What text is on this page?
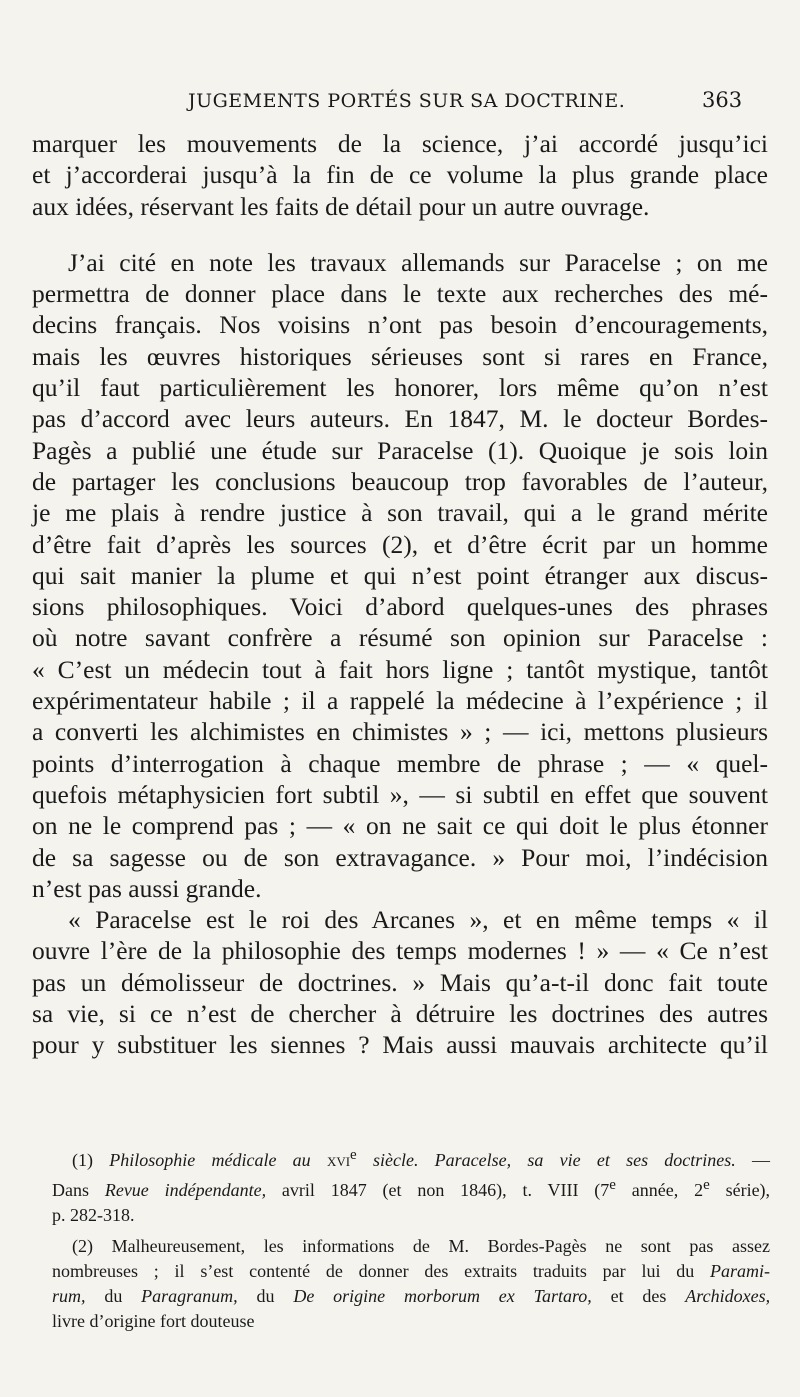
JUGEMENTS PORTÉS SUR SA DOCTRINE.	363
marquer les mouvements de la science, j’ai accordé jusqu’ici
et j’accorderai jusqu’à la fin de ce volume la plus grande place
aux idées, réservant les faits de détail pour un autre ouvrage.
J’ai cité en note les travaux allemands sur Paracelse ; on me
permettra de donner place dans le texte aux recherches des mé-
decins français. Nos voisins n’ont pas besoin d’encouragements,
mais les œuvres historiques sérieuses sont si rares en France,
qu’il faut particulièrement les honorer, lors même qu’on n’est
pas d’accord avec leurs auteurs. En 1847, M. le docteur Bordes-
Pagès a publié une étude sur Paracelse (1). Quoique je sois loin
de partager les conclusions beaucoup trop favorables de l’auteur,
je me plais à rendre justice à son travail, qui a le grand mérite
d’être fait d’après les sources (2), et d’être écrit par un homme
qui sait manier la plume et qui n’est point étranger aux discus-
sions philosophiques. Voici d’abord quelques-unes des phrases
où notre savant confrère a résumé son opinion sur Paracelse :
« C’est un médecin tout à fait hors ligne ; tantôt mystique, tantôt
expérimentateur habile ; il a rappelé la médecine à l’expérience ; il
a converti les alchimistes en chimistes » ; — ici, mettons plusieurs
points d’interrogation à chaque membre de phrase ; — « quel-
quefois métaphysicien fort subtil », — si subtil en effet que souvent
on ne le comprend pas ; — « on ne sait ce qui doit le plus étonner
de sa sagesse ou de son extravagance. » Pour moi, l’indécision
n’est pas aussi grande.
« Paracelse est le roi des Arcanes », et en même temps « il
ouvre l’ère de la philosophie des temps modernes ! » — « Ce n’est
pas un démolisseur de doctrines. » Mais qu’a-t-il donc fait toute
sa vie, si ce n’est de chercher à détruire les doctrines des autres
pour y substituer les siennes ? Mais aussi mauvais architecte qu’il
(1) Philosophie médicale au xvi$^e$ siècle. Paracelse, sa vie et ses doctrines. —
Dans Revue indépendante, avril 1847 (et non 1846), t. VIII (7e année, 2e série),
p. 282-318.
(2) Malheureusement, les informations de M. Bordes-Pagès ne sont pas assez
nombreuses ; il s’est contenté de donner des extraits traduits par lui du Parami-
rum, du Paragranum, du De origine morborum ex Tartaro, et des Archidoxes,
livre d’origine fort douteuse
